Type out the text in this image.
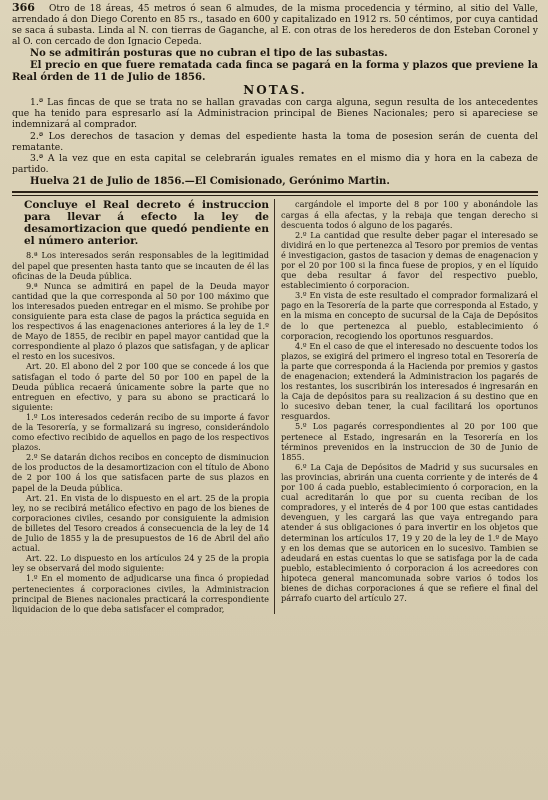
366 Otro de 18 áreas, 45 metros ó sean 6 almudes, de la misma procedencia y término, al sitio del Valle, arrendado á don Diego Corento en 85 rs., tasado en 600 y capitalizado en 1912 rs. 50 céntimos, por cuya cantidad se saca á subasta. Linda al N. con tierras de Gaganche, al E. con otras de los herederos de don Esteban Coronel y al O. con cercado de don Ignacio Cepeda.

No se admitirán posturas que no cubran el tipo de las subastas.

El precio en que fuere rematada cada finca se pagará en la forma y plazos que previene la Real órden de 11 de Julio de 1856.

NOTAS.

1.ª Las fincas de que se trata no se hallan gravadas con carga alguna, segun resulta de los antecedentes que ha tenido para espresarlo así la Administracion principal de Bienes Nacionales; pero si apareciese se indemnizará al comprador.

2.ª Los derechos de tasacion y demas del espediente hasta la toma de posesion serán de cuenta del rematante.

3.ª A la vez que en esta capital se celebrarán iguales remates en el mismo dia y hora en la cabeza de partido.

Huelva 21 de Julio de 1856.—El Comisionado, Gerónimo Martin.

Concluye el Real decreto é instruccion para llevar á efecto la ley de desamortizacion que quedó pendiente en el número anterior.

8.ª Los interesados serán responsables de la legitimidad del papel que presenten hasta tanto que se incauten de él las oficinas de la Deuda pública.

9.ª Nunca se admitirá en papel de la Deuda mayor cantidad que la que corresponda al 50 por 100 máximo que los interesados pueden entregar en el mismo. Se prohibe por consiguiente para esta clase de pagos la práctica seguida en los respectivos á las enagenaciones anteriores á la ley de 1.º de Mayo de 1855, de recibir en papel mayor cantidad que la correspondiente al plazo ó plazos que satisfagan, y de aplicar el resto en los sucesivos.

Art. 20. El abono del 2 por 100 que se concede á los que satisfagan el todo ó parte del 50 por 100 en papel de la Deuda pública recaerá únicamente sobre la parte que no entreguen en efectivo, y para su abono se practicará lo siguiente:

1.º Los interesados cederán recibo de su importe á favor de la Tesorería, y se formalizará su ingreso, considerándolo como efectivo recibido de aquellos en pago de los respectivos plazos.

2.º Se datarán dichos recibos en concepto de disminucion de los productos de la desamortizacion con el título de Abono de 2 por 100 á los que satisfacen parte de sus plazos en papel de la Deuda pública.

Art. 21. En vista de lo dispuesto en el art. 25 de la propia ley, no se recibirá metálico efectivo en pago de los bienes de corporaciones civiles, cesando por consiguiente la admision de billetes del Tesoro creados á consecuencia de la ley de 14 de Julio de 1855 y la de presupuestos de 16 de Abril del año actual.

Art. 22. Lo dispuesto en los artículos 24 y 25 de la propia ley se observará del modo siguiente:

1.º En el momento de adjudicarse una finca ó propiedad pertenecientes á corporaciones civiles, la Administracion principal de Bienes nacionales practicará la correspondiente liquidacion de lo que deba satisfacer el comprador,

cargándole el importe del 8 por 100 y abonándole las cargas á ella afectas, y la rebaja que tengan derecho si descuenta todos ó alguno de los pagarés.

2.º La cantidad que resulte deber pagar el interesado se dividirá en lo que pertenezca al Tesoro por premios de ventas é investigacion, gastos de tasacion y demas de enagenacion y por el 20 por 100 si la finca fuese de propios, y en el líquido que deba resultar á favor del respectivo pueblo, establecimiento ó corporacion.

3.º En vista de este resultado el comprador formalizará el pago en la Tesorería de la parte que corresponda al Estado, y en la misma en concepto de sucursal de la Caja de Depósitos de lo que pertenezca al pueblo, establecimiento ó corporacion, recogiendo los oportunos resguardos.

4.º En el caso de que el interesado no descuente todos los plazos, se exigirá del primero el ingreso total en Tesorería de la parte que corresponda á la Hacienda por premios y gastos de enagenacion; extenderá la Administracion los pagarés de los restantes, los suscribirán los interesados é ingresarán en la Caja de depósitos para su realizacion á su destino que en lo sucesivo deban tener, la cual facilitará los oportunos resguardos.

5.º Los pagarés correspondientes al 20 por 100 que pertenece al Estado, ingresarán en la Tesorería en los términos prevenidos en la instruccion de 30 de Junio de 1855.

6.º La Caja de Depósitos de Madrid y sus sucursales en las provincias, abrirán una cuenta corriente y de interés de 4 por 100 á cada pueblo, establecimiento ó corporacion, en la cual acreditarán lo que por su cuenta reciban de los compradores, y el interés de 4 por 100 que estas cantidades devenguen, y les cargará las que vaya entregando para atender á sus obligaciones ó para invertir en los objetos que determinan los artículos 17, 19 y 20 de la ley de 1.º de Mayo y en los demas que se autoricen en lo sucesivo. Tambien se adeudará en estas cuentas lo que se satisfaga por la de cada pueblo, establecimiento ó corporacion á los acreedores con hipoteca general mancomunada sobre varios ó todos los bienes de dichas corporaciones á que se refiere el final del párrafo cuarto del artículo 27.
